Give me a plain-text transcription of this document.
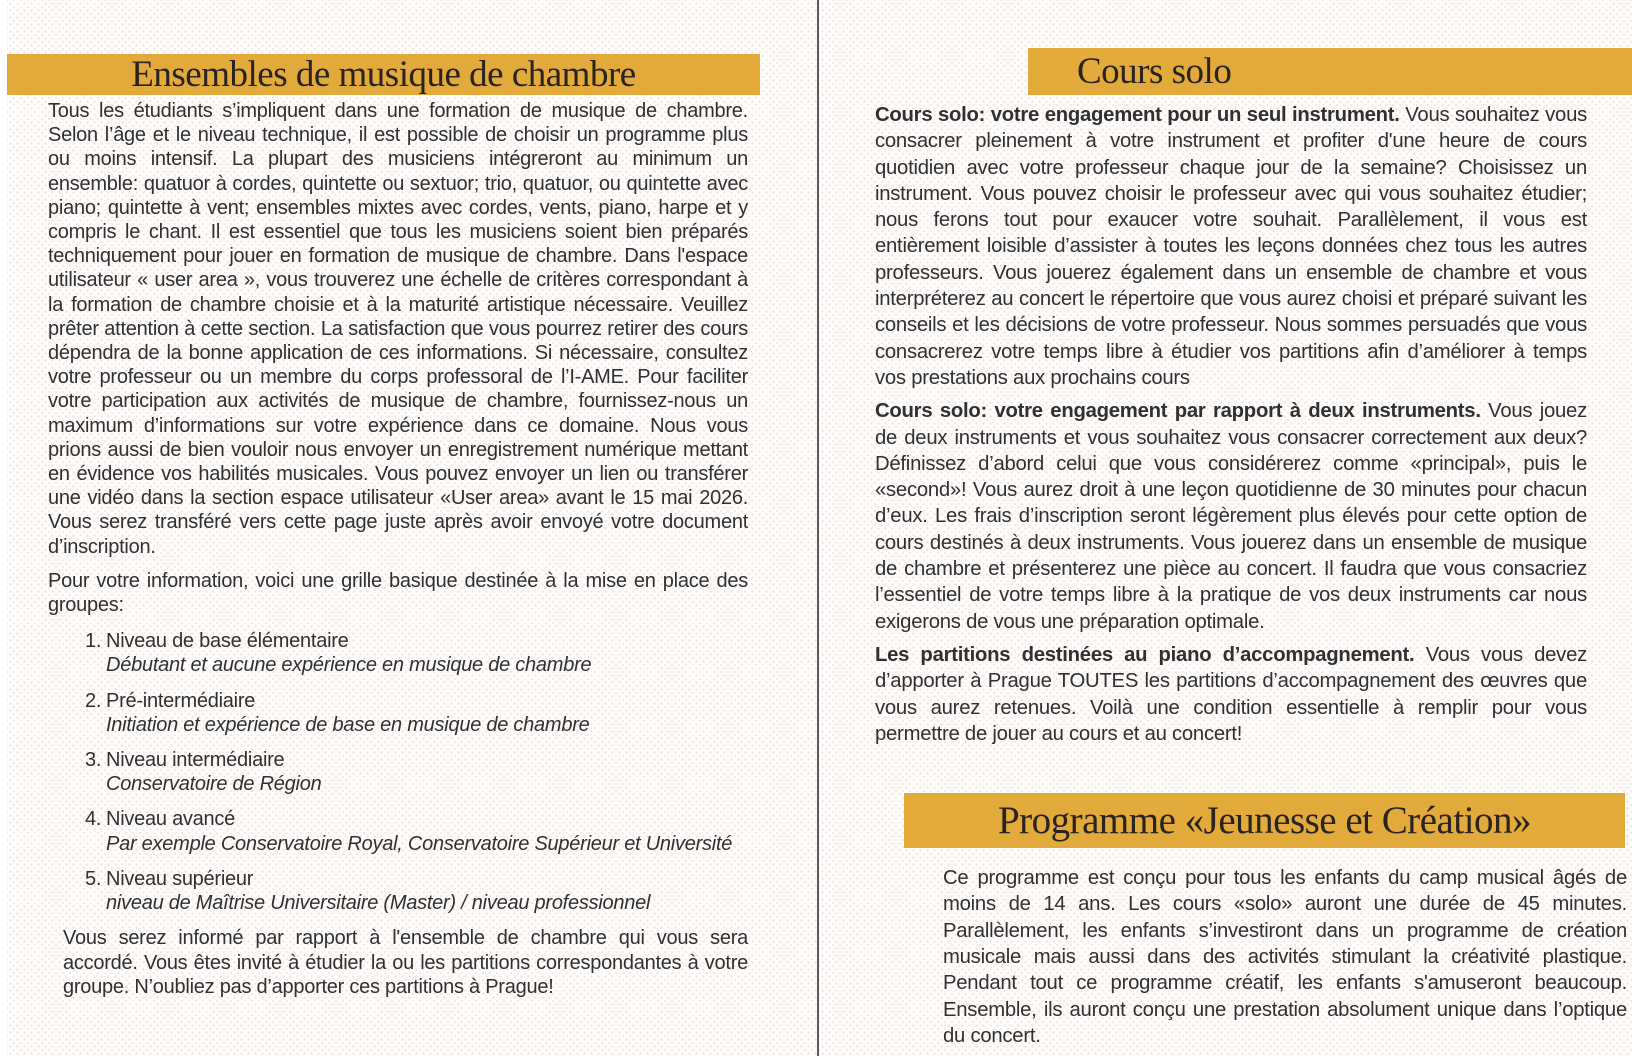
Ensembles de musique de chambre

Tous les étudiants s’impliquent dans une formation de musique de chambre. Selon l’âge et le niveau technique, il est possible de choisir un programme plus ou moins intensif. La plupart des musiciens intégreront au minimum un ensemble: quatuor à cordes, quintette ou sextuor; trio, quatuor, ou quintette avec piano; quintette à vent; ensembles mixtes avec cordes, vents, piano, harpe et y compris le chant. Il est essentiel que tous les musiciens soient bien préparés techniquement pour jouer en formation de musique de chambre. Dans l'espace utilisateur « user area », vous trouverez une échelle de critères correspondant à la formation de chambre choisie et à la maturité artistique nécessaire. Veuillez prêter attention à cette section. La satisfaction que vous pourrez retirer des cours dépendra de la bonne application de ces informations. Si nécessaire, consultez votre professeur ou un membre du corps professoral de l’I-AME. Pour faciliter votre participation aux activités de musique de chambre, fournissez-nous un maximum d’informations sur votre expérience dans ce domaine. Nous vous prions aussi de bien vouloir nous envoyer un enregistrement numérique mettant en évidence vos habilités musicales. Vous pouvez envoyer un lien ou transférer une vidéo dans la section espace utilisateur «User area» avant le 15 mai 2026. Vous serez transféré vers cette page juste après avoir envoyé votre document d’inscription.

Pour votre information, voici une grille basique destinée à la mise en place des groupes:

1. Niveau de base élémentaire
Débutant et aucune expérience en musique de chambre
2. Pré-intermédiaire
Initiation et expérience de base en musique de chambre
3. Niveau intermédiaire
Conservatoire de Région
4. Niveau avancé
Par exemple Conservatoire Royal, Conservatoire Supérieur et Université
5. Niveau supérieur
niveau de Maîtrise Universitaire (Master) / niveau professionnel

Vous serez informé par rapport à l'ensemble de chambre qui vous sera accordé. Vous êtes invité à étudier la ou les partitions correspondantes à votre groupe. N’oubliez pas d’apporter ces partitions à Prague!

Cours solo

Cours solo: votre engagement pour un seul instrument. Vous souhaitez vous consacrer pleinement à votre instrument et profiter d'une heure de cours quotidien avec votre professeur chaque jour de la semaine? Choisissez un instrument. Vous pouvez choisir le professeur avec qui vous souhaitez étudier; nous ferons tout pour exaucer votre souhait. Parallèlement, il vous est entièrement loisible d’assister à toutes les leçons données chez tous les autres professeurs. Vous jouerez également dans un ensemble de chambre et vous interpréterez au concert le répertoire que vous aurez choisi et préparé suivant les conseils et les décisions de votre professeur. Nous sommes persuadés que vous consacrerez votre temps libre à étudier vos partitions afin d’améliorer à temps vos prestations aux prochains cours

Cours solo: votre engagement par rapport à deux instruments. Vous jouez de deux instruments et vous souhaitez vous consacrer correctement aux deux? Définissez d’abord celui que vous considérerez comme «principal», puis le «second»! Vous aurez droit à une leçon quotidienne de 30 minutes pour chacun d’eux. Les frais d’inscription seront légèrement plus élevés pour cette option de cours destinés à deux instruments. Vous jouerez dans un ensemble de musique de chambre et présenterez une pièce au concert. Il faudra que vous consacriez l’essentiel de votre temps libre à la pratique de vos deux instruments car nous exigerons de vous une préparation optimale.

Les partitions destinées au piano d’accompagnement. Vous vous devez d’apporter à Prague TOUTES les partitions d’accompagnement des œuvres que vous aurez retenues. Voilà une condition essentielle à remplir pour vous permettre de jouer au cours et au concert!

Programme «Jeunesse et Création»

Ce programme est conçu pour tous les enfants du camp musical âgés de moins de 14 ans. Les cours «solo» auront une durée de 45 minutes. Parallèlement, les enfants s’investiront dans un programme de création musicale mais aussi dans des activités stimulant la créativité plastique. Pendant tout ce programme créatif, les enfants s'amuseront beaucoup. Ensemble, ils auront conçu une prestation absolument unique dans l’optique du concert.
